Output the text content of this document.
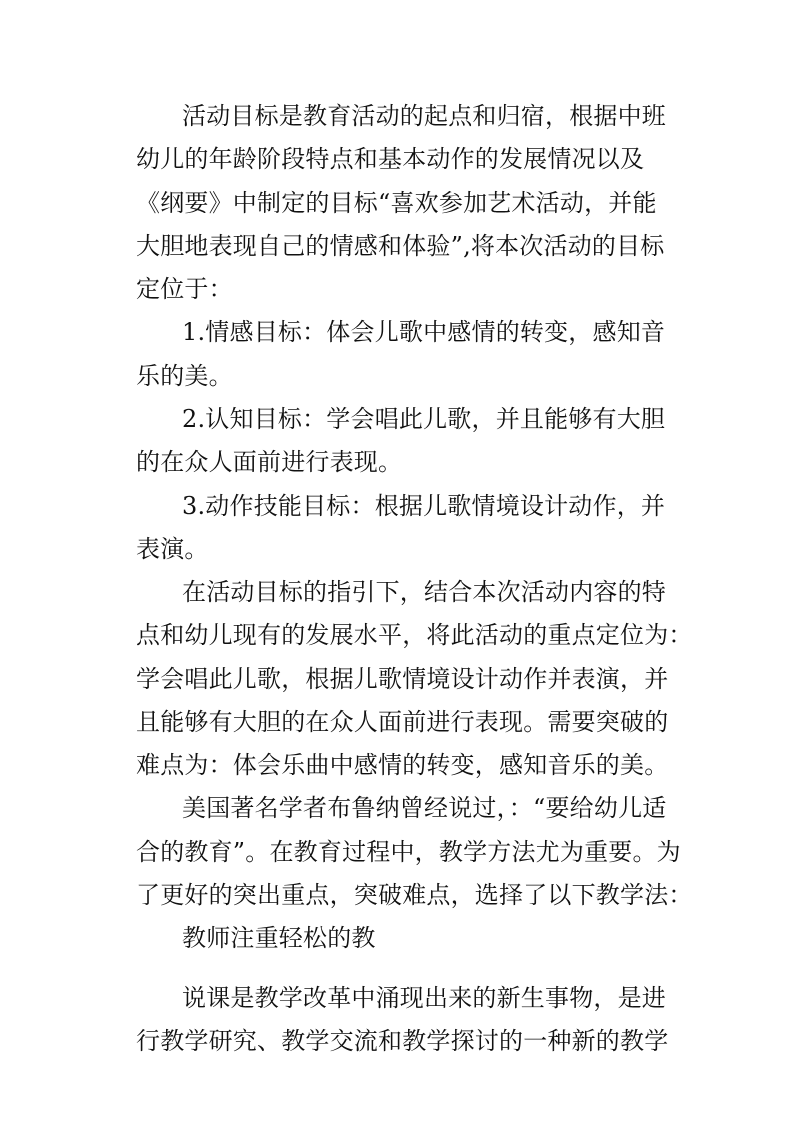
活动目标是教育活动的起点和归宿，根据中班
幼儿的年龄阶段特点和基本动作的发展情况以及
《纲要》中制定的目标“喜欢参加艺术活动，并能
大胆地表现自己的情感和体验”,将本次活动的目标
定位于：
1.情感目标：体会儿歌中感情的转变，感知音
乐的美。
2.认知目标：学会唱此儿歌，并且能够有大胆
的在众人面前进行表现。
3.动作技能目标：根据儿歌情境设计动作，并
表演。
在活动目标的指引下，结合本次活动内容的特
点和幼儿现有的发展水平，将此活动的重点定位为：
学会唱此儿歌，根据儿歌情境设计动作并表演，并
且能够有大胆的在众人面前进行表现。需要突破的
难点为：体会乐曲中感情的转变，感知音乐的美。
美国著名学者布鲁纳曾经说过，：“要给幼儿适
合的教育”。在教育过程中，教学方法尤为重要。为
了更好的突出重点，突破难点，选择了以下教学法：
教师注重轻松的教
说课是教学改革中涌现出来的新生事物，是进
行教学研究、教学交流和教学探讨的一种新的教学
